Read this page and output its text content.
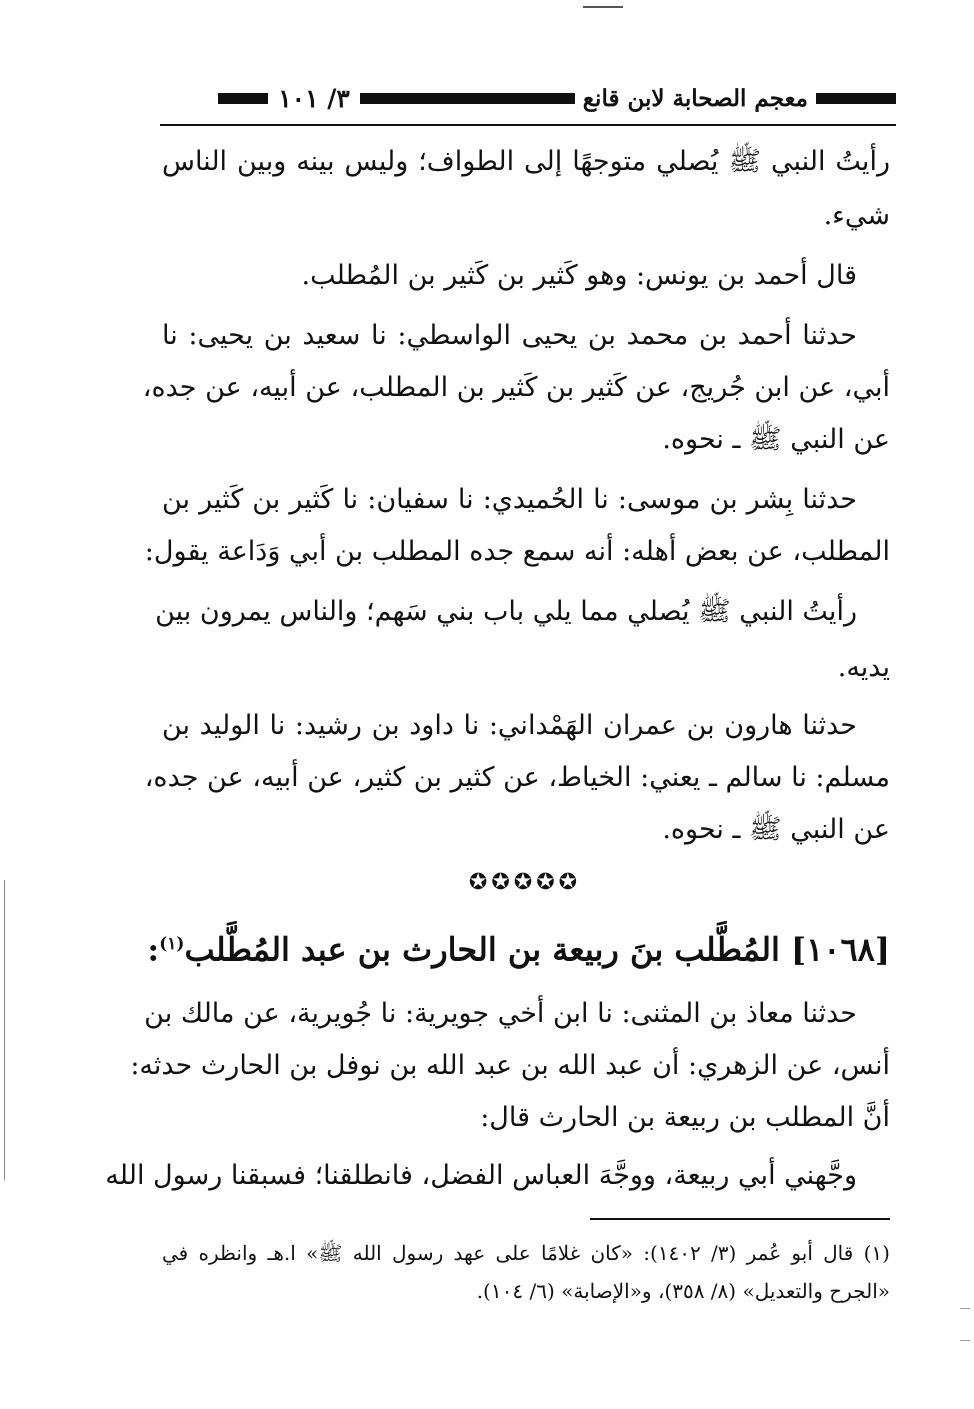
معجم الصحابة لابن قانع
٣/ ١٠١
رأيتُ النبي ﷺ يُصلي متوجهًا إلى الطواف؛ وليس بينه وبين الناس
شيء.
قال أحمد بن يونس: وهو كَثير بن كَثير بن المُطلب.
حدثنا أحمد بن محمد بن يحيى الواسطي: نا سعيد بن يحيى: نا
أبي، عن ابن جُريج، عن كَثير بن كَثير بن المطلب، عن أبيه، عن جده،
عن النبي ﷺ ـ نحوه.
حدثنا بِشر بن موسى: نا الحُميدي: نا سفيان: نا كَثير بن كَثير بن
المطلب، عن بعض أهله: أنه سمع جده المطلب بن أبي وَدَاعة يقول:
رأيتُ النبي ﷺ يُصلي مما يلي باب بني سَهم؛ والناس يمرون بين
يديه.
حدثنا هارون بن عمران الهَمْداني: نا داود بن رشيد: نا الوليد بن
مسلم: نا سالم ـ يعني: الخياط، عن كثير بن كثير، عن أبيه، عن جده،
عن النبي ﷺ ـ نحوه.
✪✪✪✪✪
[١٠٦٨] المُطَّلب بنَ ربيعة بن الحارث بن عبد المُطَّلب$^{(١)}$:
حدثنا معاذ بن المثنى: نا ابن أخي جويرية: نا جُويرية، عن مالك بن
أنس، عن الزهري: أن عبد الله بن عبد الله بن نوفل بن الحارث حدثه:
أنَّ المطلب بن ربيعة بن الحارث قال:
وجَّهني أبي ربيعة، ووجَّهَ العباس الفضل، فانطلقنا؛ فسبقنا رسول الله
(١) قال أبو عُمر (٣/ ١٤٠٢): «كان غلامًا على عهد رسول الله ﷺ» ا.هـ وانظره في
«الجرح والتعديل» (٨/ ٣٥٨)، و«الإصابة» (٦/ ١٠٤).
